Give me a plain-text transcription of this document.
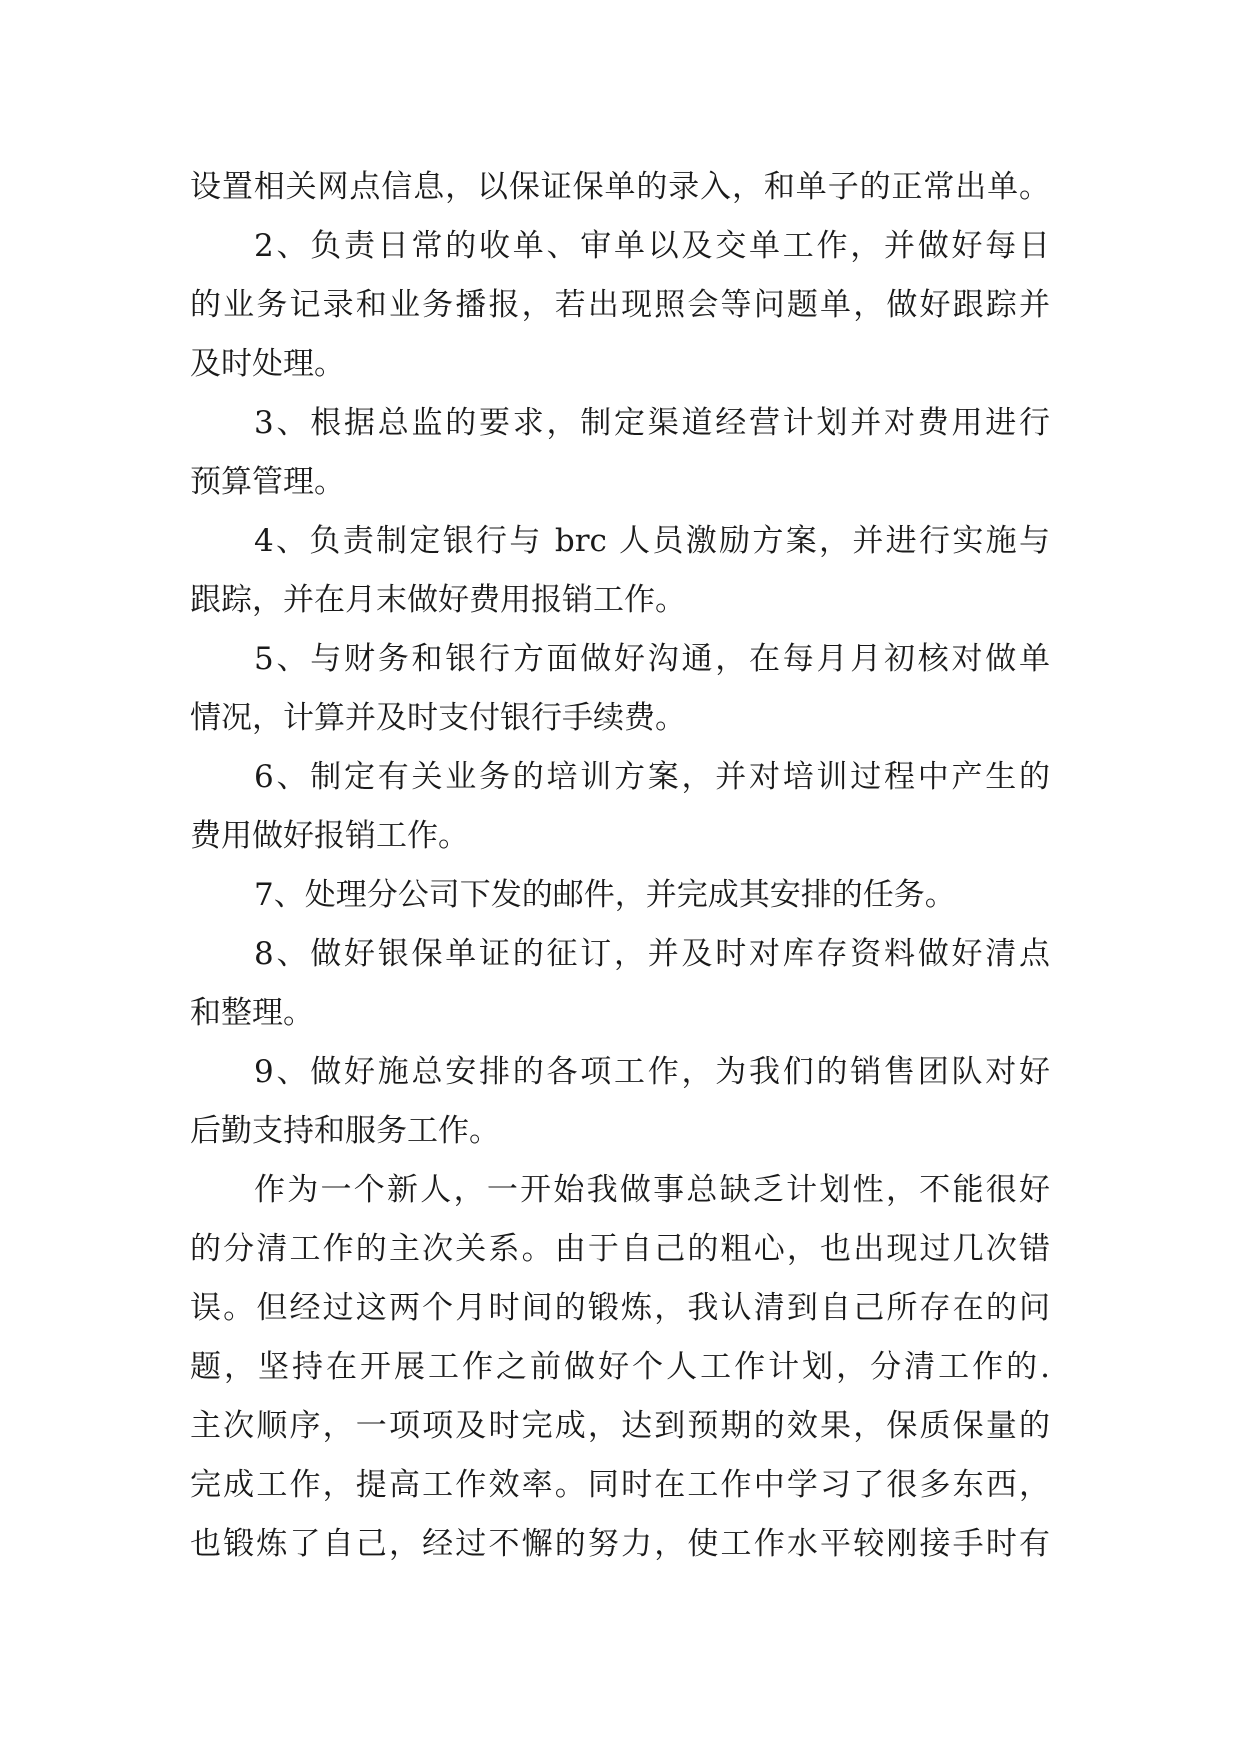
设置相关网点信息，以保证保单的录入，和单子的正常出单。
2、负责日常的收单、审单以及交单工作，并做好每日
的业务记录和业务播报，若出现照会等问题单，做好跟踪并
及时处理。
3、根据总监的要求，制定渠道经营计划并对费用进行
预算管理。
4、负责制定银行与 brc 人员激励方案，并进行实施与
跟踪，并在月末做好费用报销工作。
5、与财务和银行方面做好沟通，在每月月初核对做单
情况，计算并及时支付银行手续费。
6、制定有关业务的培训方案，并对培训过程中产生的
费用做好报销工作。
7、处理分公司下发的邮件，并完成其安排的任务。
8、做好银保单证的征订，并及时对库存资料做好清点
和整理。
9、做好施总安排的各项工作，为我们的销售团队对好
后勤支持和服务工作。
作为一个新人，一开始我做事总缺乏计划性，不能很好
的分清工作的主次关系。由于自己的粗心，也出现过几次错
误。但经过这两个月时间的锻炼，我认清到自己所存在的问
题，坚持在开展工作之前做好个人工作计划，分清工作的.
主次顺序，一项项及时完成，达到预期的效果，保质保量的
完成工作，提高工作效率。同时在工作中学习了很多东西，
也锻炼了自己，经过不懈的努力，使工作水平较刚接手时有
